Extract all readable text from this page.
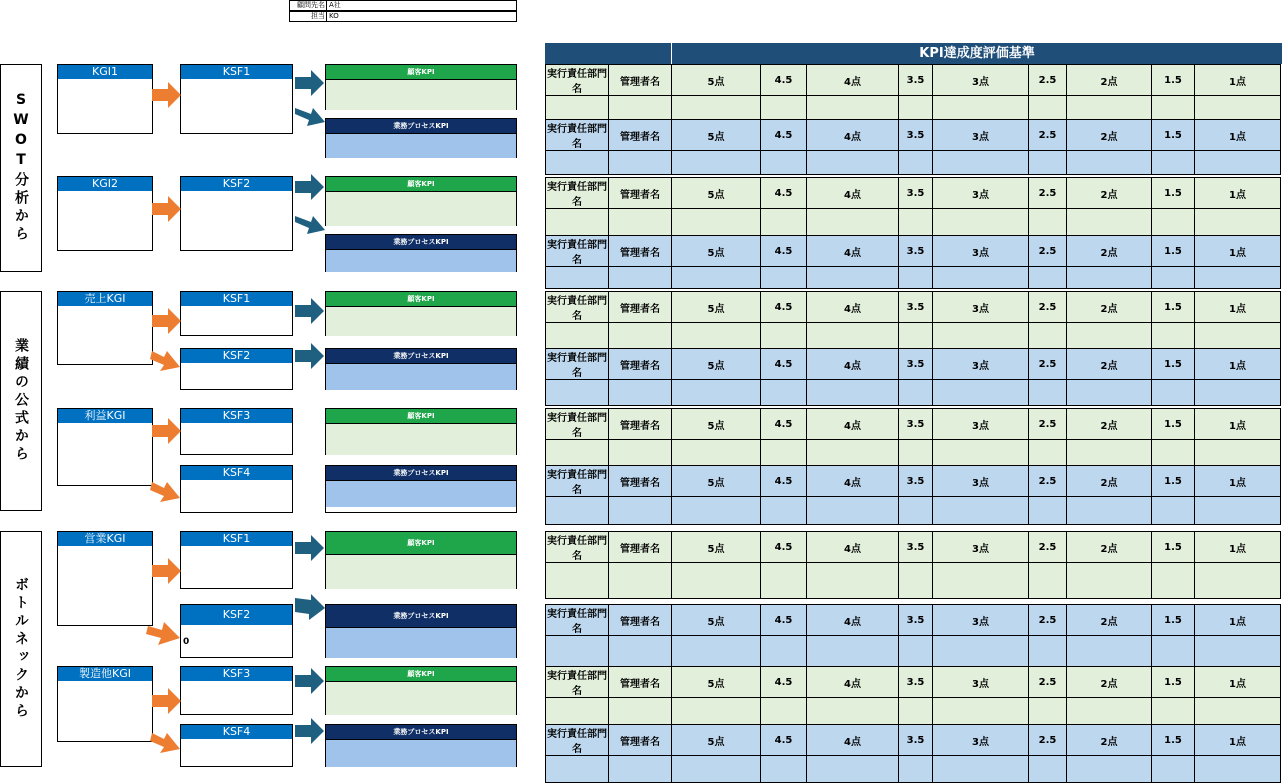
顧問先名 A社
担当 KO
SWOT分析から
業績の公式から
ボトルネックから
KGI1
KGI2
売上KGI
利益KGI
営業KGI
製造他KGI
KSF1
KSF2
KSF1
KSF2
KSF3
KSF4
KSF1
KSF2
0
KSF3
KSF4
顧客KPI
業務プロセスKPI
顧客KPI
業務プロセスKPI
顧客KPI
業務プロセスKPI
顧客KPI
業務プロセスKPI
顧客KPI
業務プロセスKPI
顧客KPI
業務プロセスKPI
KPI達成度評価基準
実行責任部門名	管理者名	5点	4.5	4点	3.5	3点	2.5	2点	1.5	1点

実行責任部門名	管理者名	5点	4.5	4点	3.5	3点	2.5	2点	1.5	1点

実行責任部門名	管理者名	5点	4.5	4点	3.5	3点	2.5	2点	1.5	1点

実行責任部門名	管理者名	5点	4.5	4点	3.5	3点	2.5	2点	1.5	1点

実行責任部門名	管理者名	5点	4.5	4点	3.5	3点	2.5	2点	1.5	1点

実行責任部門名	管理者名	5点	4.5	4点	3.5	3点	2.5	2点	1.5	1点

実行責任部門名	管理者名	5点	4.5	4点	3.5	3点	2.5	2点	1.5	1点

実行責任部門名	管理者名	5点	4.5	4点	3.5	3点	2.5	2点	1.5	1点

実行責任部門名	管理者名	5点	4.5	4点	3.5	3点	2.5	2点	1.5	1点

実行責任部門名	管理者名	5点	4.5	4点	3.5	3点	2.5	2点	1.5	1点

実行責任部門名	管理者名	5点	4.5	4点	3.5	3点	2.5	2点	1.5	1点

実行責任部門名	管理者名	5点	4.5	4点	3.5	3点	2.5	2点	1.5	1点
